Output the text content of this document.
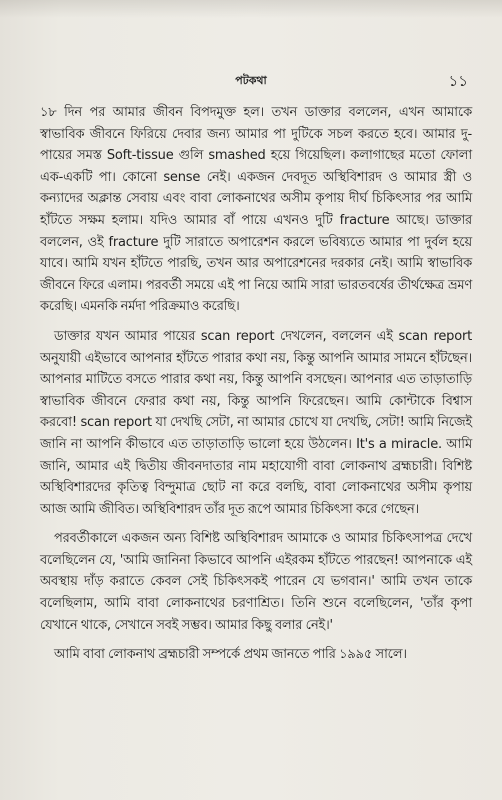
পটকথা	১১

১৮ দিন পর আমার জীবন বিপদমুক্ত হল। তখন ডাক্তার বললেন, এখন আমাকে স্বাভাবিক জীবনে ফিরিয়ে দেবার জন্য আমার পা দুটিকে সচল করতে হবে। আমার দু-পায়ের সমস্ত Soft-tissue গুলি smashed হয়ে গিয়েছিল। কলাগাছের মতো ফোলা এক-একটি পা। কোনো sense নেই। একজন দেবদূত অস্থিবিশারদ ও আমার স্ত্রী ও কন্যাদের অক্লান্ত সেবায় এবং বাবা লোকনাথের অসীম কৃপায় দীর্ঘ চিকিৎসার পর আমি হাঁটতে সক্ষম হলাম। যদিও আমার বাঁ পায়ে এখনও দুটি fracture আছে। ডাক্তার বললেন, ওই fracture দুটি সারাতে অপারেশন করলে ভবিষ্যতে আমার পা দুর্বল হয়ে যাবে। আমি যখন হাঁটতে পারছি, তখন আর অপারেশনের দরকার নেই। আমি স্বাভাবিক জীবনে ফিরে এলাম। পরবর্তী সময়ে এই পা নিয়ে আমি সারা ভারতবর্ষের তীর্থক্ষেত্র ভ্রমণ করেছি। এমনকি নর্মদা পরিক্রমাও করেছি।

ডাক্তার যখন আমার পায়ের scan report দেখলেন, বললেন এই scan report অনুযায়ী এইভাবে আপনার হাঁটতে পারার কথা নয়, কিন্তু আপনি আমার সামনে হাঁটছেন। আপনার মাটিতে বসতে পারার কথা নয়, কিন্তু আপনি বসছেন। আপনার এত তাড়াতাড়ি স্বাভাবিক জীবনে ফেরার কথা নয়, কিন্তু আপনি ফিরেছেন। আমি কোন্টাকে বিশ্বাস করবো! scan report যা দেখছি সেটা, না আমার চোখে যা দেখছি, সেটা! আমি নিজেই জানি না আপনি কীভাবে এত তাড়াতাড়ি ভালো হয়ে উঠলেন। It's a miracle. আমি জানি, আমার এই দ্বিতীয় জীবনদাতার নাম মহাযোগী বাবা লোকনাথ ব্রহ্মচারী। বিশিষ্ট অস্থিবিশারদের কৃতিত্ব বিন্দুমাত্র ছোট না করে বলছি, বাবা লোকনাথের অসীম কৃপায় আজ আমি জীবিত। অস্থিবিশারদ তাঁর দূত রূপে আমার চিকিৎসা করে গেছেন।

পরবর্তীকালে একজন অন্য বিশিষ্ট অস্থিবিশারদ আমাকে ও আমার চিকিৎসাপত্র দেখে বলেছিলেন যে, 'আমি জানিনা কিভাবে আপনি এইরকম হাঁটতে পারছেন! আপনাকে এই অবস্থায় দাঁড় করাতে কেবল সেই চিকিৎসকই পারেন যে ভগবান।' আমি তখন তাকে বলেছিলাম, আমি বাবা লোকনাথের চরণাশ্রিত। তিনি শুনে বলেছিলেন, 'তাঁর কৃপা যেখানে থাকে, সেখানে সবই সম্ভব। আমার কিছু বলার নেই।'

আমি বাবা লোকনাথ ব্রহ্মচারী সম্পর্কে প্রথম জানতে পারি ১৯৯৫ সালে।
